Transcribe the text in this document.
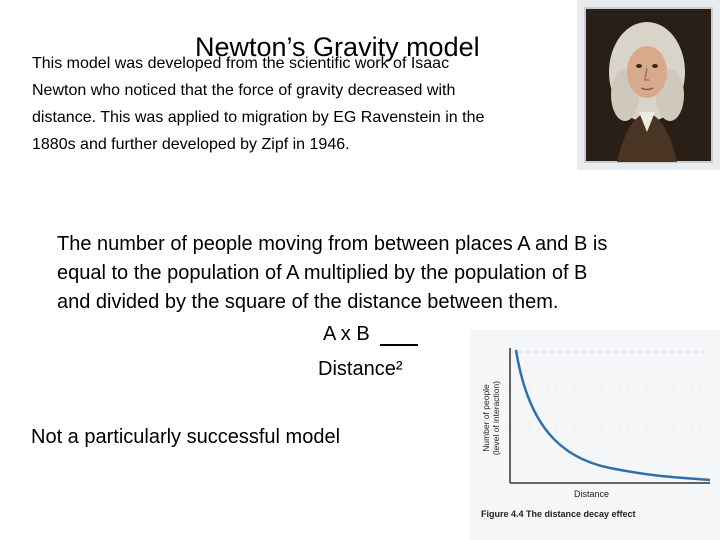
Newton’s Gravity model
This model was developed from the scientific work of Isaac
Newton who noticed that the force of gravity decreased with
distance. This was applied to migration by EG Ravenstein in the
1880s and further developed by Zipf in 1946.
The number of people moving from between places A and B is
equal to the population of A multiplied by the population of B
and divided by the square of the distance between them.
A x B
Distance²
Not a particularly successful model	Number of people (level of interaction)
Distance
Figure 4.4 The distance decay effect
